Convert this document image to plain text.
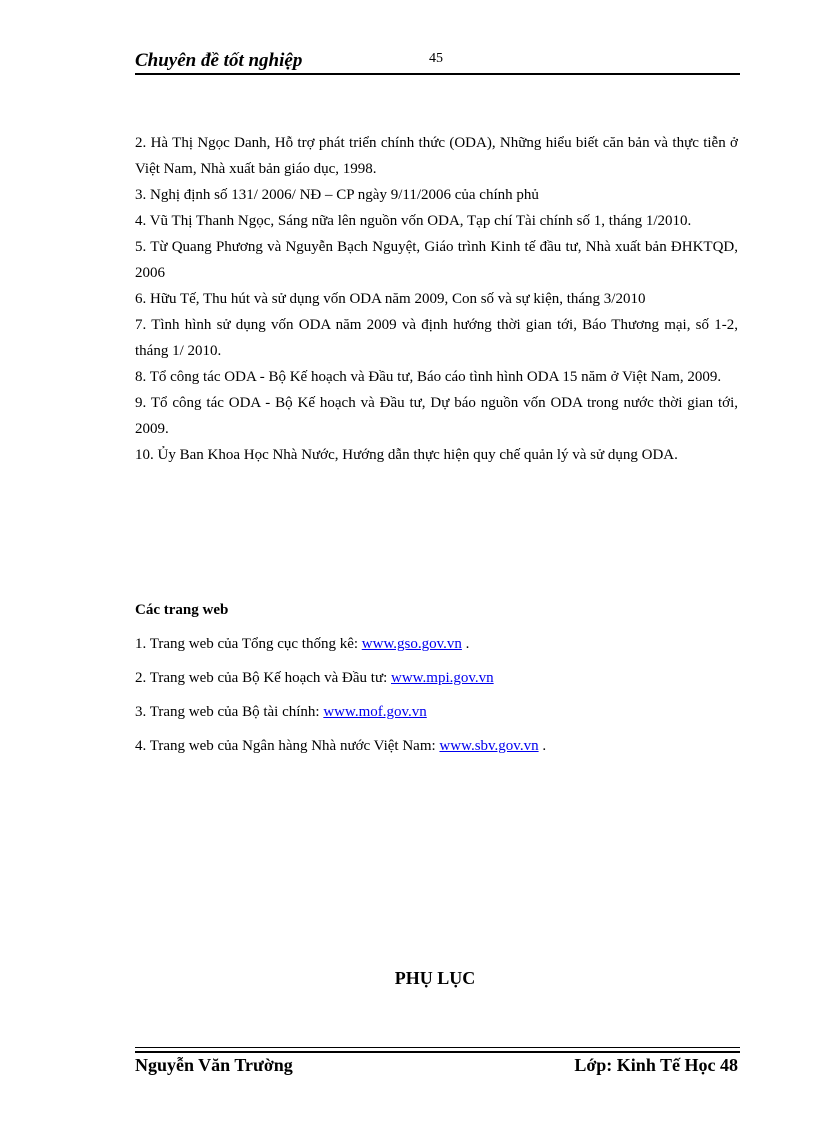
Chuyên đề tốt nghiệp	45
2. Hà Thị Ngọc Danh, Hỗ trợ phát triển chính thức (ODA), Những hiểu biết căn bản và thực tiễn ở Việt Nam, Nhà xuất bản giáo dục, 1998.
3. Nghị định số 131/ 2006/ NĐ – CP ngày 9/11/2006 của chính phủ
4. Vũ Thị Thanh Ngọc, Sáng nữa lên nguồn vốn ODA, Tạp chí Tài chính số 1, tháng 1/2010.
5. Từ Quang Phương và Nguyễn Bạch Nguyệt, Giáo trình Kinh tế đầu tư, Nhà xuất bản ĐHKTQD, 2006
6. Hữu Tế, Thu hút và sử dụng vốn ODA năm 2009, Con số và sự kiện, tháng 3/2010
7. Tình hình sử dụng vốn ODA năm 2009 và định hướng thời gian tới, Báo Thương mại, số 1-2, tháng 1/ 2010.
8. Tổ công tác ODA - Bộ Kế hoạch và Đầu tư, Báo cáo tình hình ODA 15 năm ở Việt Nam, 2009.
9. Tổ công tác ODA - Bộ Kế hoạch và Đầu tư, Dự báo nguồn vốn ODA trong nước thời gian tới, 2009.
10. Ủy Ban Khoa Học Nhà Nước, Hướng dẫn thực hiện quy chế quản lý và sử dụng ODA.
Các trang web
1. Trang web của Tổng cục thống kê: www.gso.gov.vn .
2. Trang web của Bộ Kế hoạch và Đầu tư: www.mpi.gov.vn
3. Trang web của Bộ tài chính: www.mof.gov.vn
4. Trang web của Ngân hàng Nhà nước Việt Nam: www.sbv.gov.vn .
PHỤ LỤC
Nguyễn Văn Trường	Lớp: Kinh Tế Học 48
